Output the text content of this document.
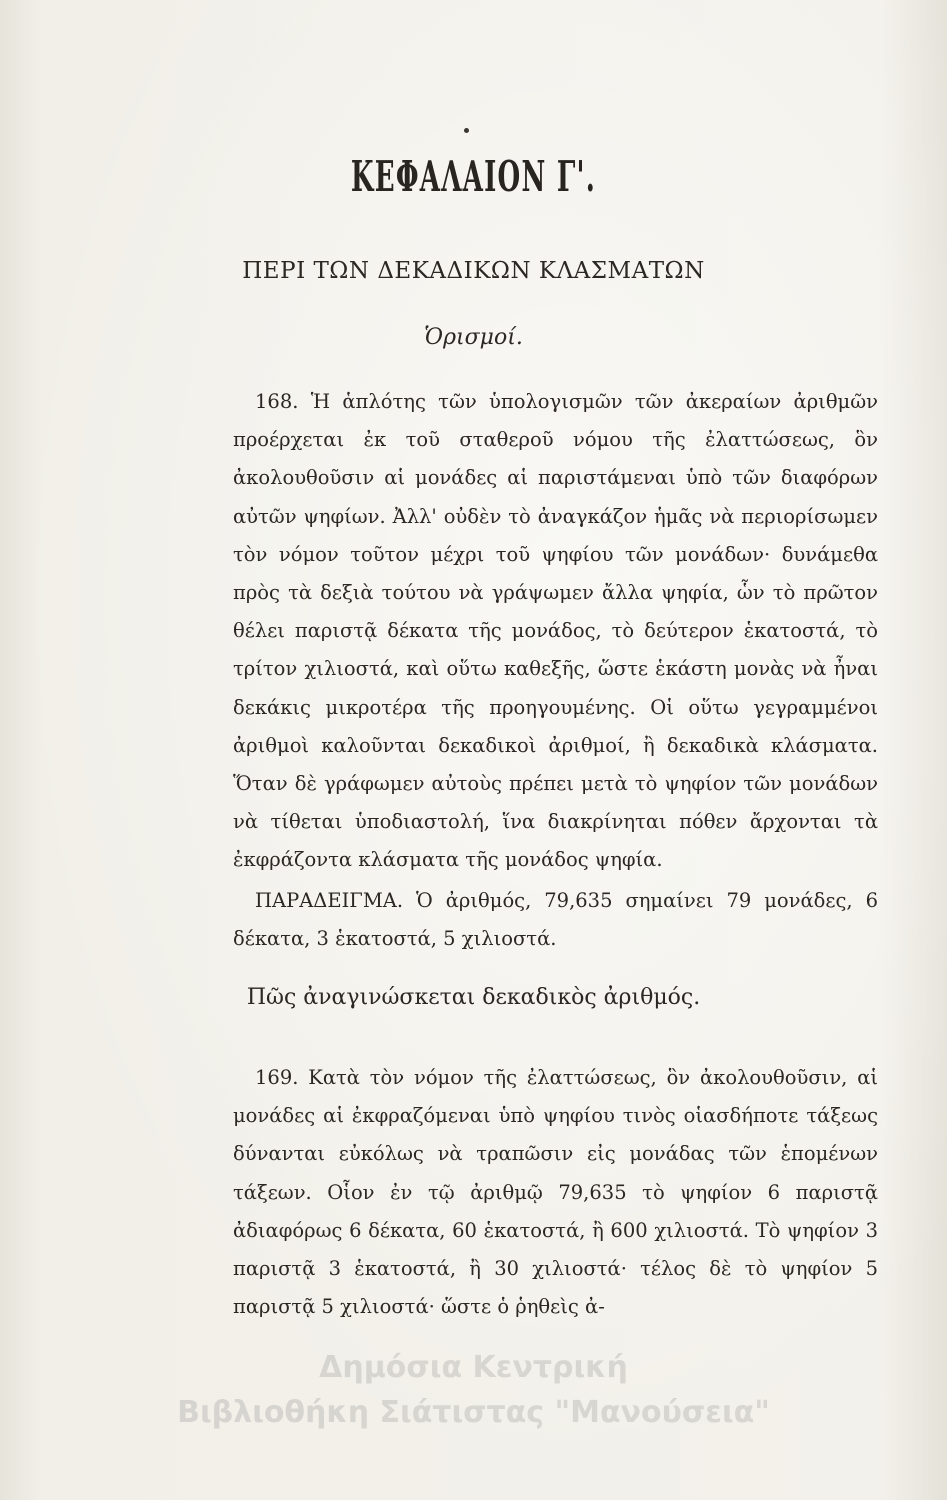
ΚΕΦΑΛΑΙΟΝ Γ'.
ΠΕΡΙ ΤΩΝ ΔΕΚΑΔΙΚΩΝ ΚΛΑΣΜΑΤΩΝ
Ὁρισμοί.

168. Ἡ ἁπλότης τῶν ὑπολογισμῶν τῶν ἀκεραίων ἀριθμῶν προέρχεται ἐκ τοῦ σταθεροῦ νόμου τῆς ἐλαττώσεως, ὃν ἀκολουθοῦσιν αἱ μονάδες αἱ παριστάμεναι ὑπὸ τῶν διαφόρων αὐτῶν ψηφίων. Ἀλλ' οὐδὲν τὸ ἀναγκάζον ἡμᾶς νὰ περιορίσωμεν τὸν νόμον τοῦτον μέχρι τοῦ ψηφίου τῶν μονάδων· δυνάμεθα πρὸς τὰ δεξιὰ τούτου νὰ γράψωμεν ἄλλα ψηφία, ὧν τὸ πρῶτον θέλει παριστᾷ δέκατα τῆς μονάδος, τὸ δεύτερον ἑκατοστά, τὸ τρίτον χιλιοστά, καὶ οὕτω καθεξῆς, ὥστε ἑκάστη μονὰς νὰ ἦναι δεκάκις μικροτέρα τῆς προηγουμένης. Οἱ οὕτω γεγραμμένοι ἀριθμοὶ καλοῦνται δεκαδικοὶ ἀριθμοί, ἢ δεκαδικὰ κλάσματα. Ὅταν δὲ γράφωμεν αὐτοὺς πρέπει μετὰ τὸ ψηφίον τῶν μονάδων νὰ τίθεται ὑποδιαστολή, ἵνα διακρίνηται πόθεν ἄρχονται τὰ ἐκφράζοντα κλάσματα τῆς μονάδος ψηφία.

ΠΑΡΑΔΕΙΓΜΑ. Ὁ ἀριθμός, 79,635 σημαίνει 79 μονάδες, 6 δέκατα, 3 ἑκατοστά, 5 χιλιοστά.

Πῶς ἀναγινώσκεται δεκαδικὸς ἀριθμός.

169. Κατὰ τὸν νόμον τῆς ἐλαττώσεως, ὃν ἀκολουθοῦσιν, αἱ μονάδες αἱ ἐκφραζόμεναι ὑπὸ ψηφίου τινὸς οἱασδήποτε τάξεως δύνανται εὐκόλως νὰ τραπῶσιν εἰς μονάδας τῶν ἑπομένων τάξεων. Οἷον ἐν τῷ ἀριθμῷ 79,635 τὸ ψηφίον 6 παριστᾷ ἀδιαφόρως 6 δέκατα, 60 ἑκατοστά, ἢ 600 χιλιοστά. Τὸ ψηφίον 3 παριστᾷ 3 ἑκατοστά, ἢ 30 χιλιοστά· τέλος δὲ τὸ ψηφίον 5 παριστᾷ 5 χιλιοστά· ὥστε ὁ ῥηθεὶς ἀ-

Δημόσια Κεντρική
Βιβλιοθήκη Σιάτιστας "Μανούσεια"
